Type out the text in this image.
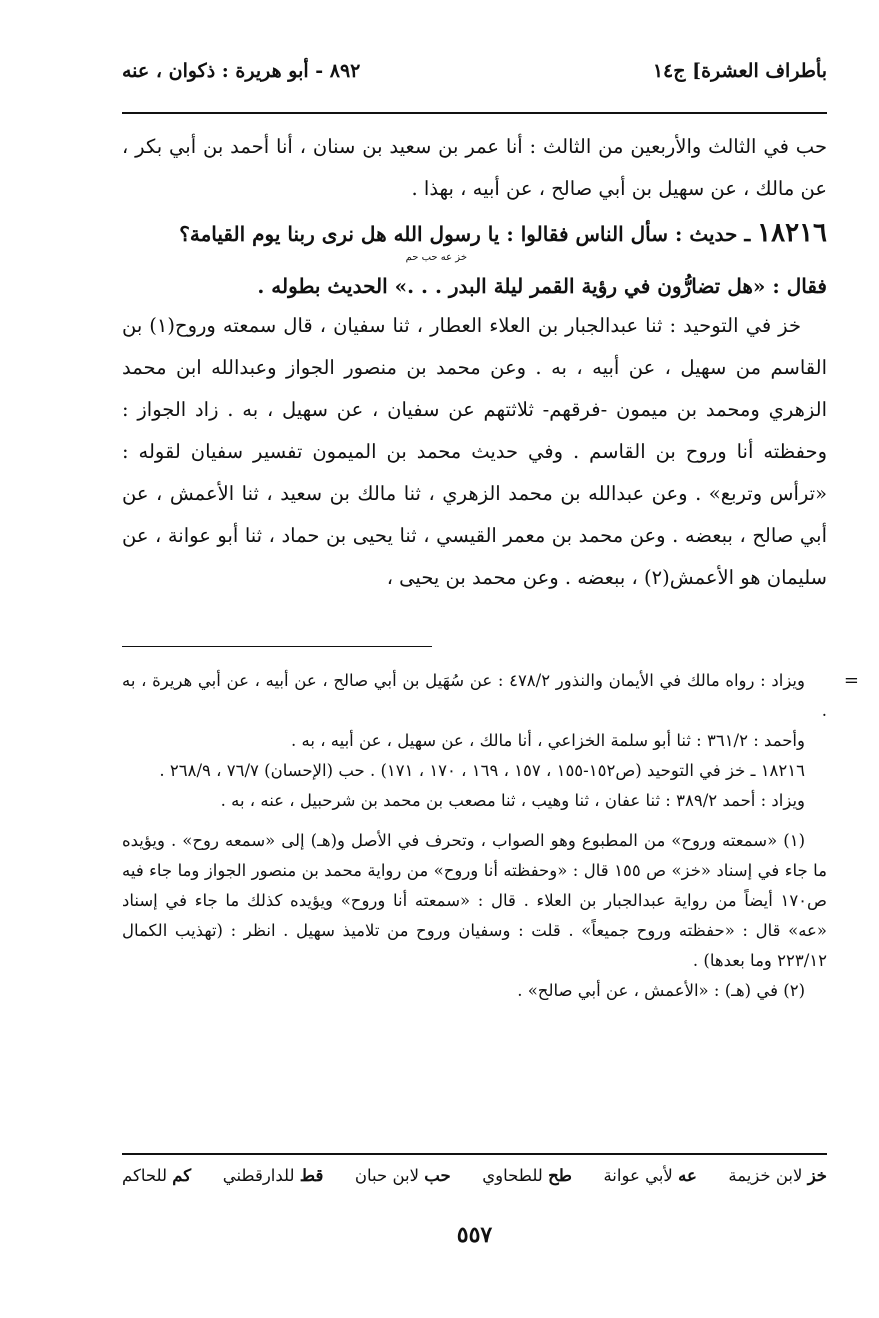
بأطراف العشرة] ج١٤
٨٩٢ - أبو هريرة : ذكوان ، عنه

حب في الثالث والأربعين من الثالث : أنا عمر بن سعيد بن سنان ، أنا أحمد بن أبي بكر ، عن مالك ، عن سهيل بن أبي صالح ، عن أبيه ، بهذا .

١٨٢١٦ ـ حديث : سأل الناس فقالوا : يا رسول الله هل نرى ربنا يوم القيامة؟

خز عه حب حم

فقال : «هل تضارُّون في رؤية القمر ليلة البدر . . .» الحديث بطوله .

خز في التوحيد : ثنا عبدالجبار بن العلاء العطار ، ثنا سفيان ، قال سمعته وروح(١) بن القاسم من سهيل ، عن أبيه ، به . وعن محمد بن منصور الجواز وعبدالله ابن محمد الزهري ومحمد بن ميمون -فرقهم- ثلاثتهم عن سفيان ، عن سهيل ، به . زاد الجواز : وحفظته أنا وروح بن القاسم . وفي حديث محمد بن الميمون تفسير سفيان لقوله : «ترأس وتربع» . وعن عبدالله بن محمد الزهري ، ثنا مالك بن سعيد ، ثنا الأعمش ، عن أبي صالح ، ببعضه . وعن محمد بن معمر القيسي ، ثنا يحيى بن حماد ، ثنا أبو عوانة ، عن سليمان هو الأعمش(٢) ، ببعضه . وعن محمد بن يحيى ،

=

ويزاد : رواه مالك في الأيمان والنذور ٤٧٨/٢ : عن سُهَيل بن أبي صالح ، عن أبيه ، عن أبي هريرة ، به .

وأحمد : ٣٦١/٢ : ثنا أبو سلمة الخزاعي ، أنا مالك ، عن سهيل ، عن أبيه ، به .

١٨٢١٦ ـ خز في التوحيد (ص١٥٢-١٥٥ ، ١٥٧ ، ١٦٩ ، ١٧٠ ، ١٧١) . حب (الإحسان) ٧٦/٧ ، ٢٦٨/٩ .

ويزاد : أحمد ٣٨٩/٢ : ثنا عفان ، ثنا وهيب ، ثنا مصعب بن محمد بن شرحبيل ، عنه ، به .

(١) «سمعته وروح» من المطبوع وهو الصواب ، وتحرف في الأصل و(هـ) إلى «سمعه روح» . ويؤيده ما جاء في إسناد «خز» ص ١٥٥ قال : «وحفظته أنا وروح» من رواية محمد بن منصور الجواز وما جاء فيه ص١٧٠ أيضاً من رواية عبدالجبار بن العلاء . قال : «سمعته أنا وروح» ويؤيده كذلك ما جاء في إسناد «عه» قال : «حفظته وروح جميعاً» . قلت : وسفيان وروح من تلاميذ سهيل . انظر : (تهذيب الكمال ٢٢٣/١٢ وما بعدها) .

(٢) في (هـ) : «الأعمش ، عن أبي صالح» .

خز لابن خزيمة
عه لأبي عوانة
طح للطحاوي
حب لابن حبان
قط للدارقطني
كم للحاكم
٥٥٧
